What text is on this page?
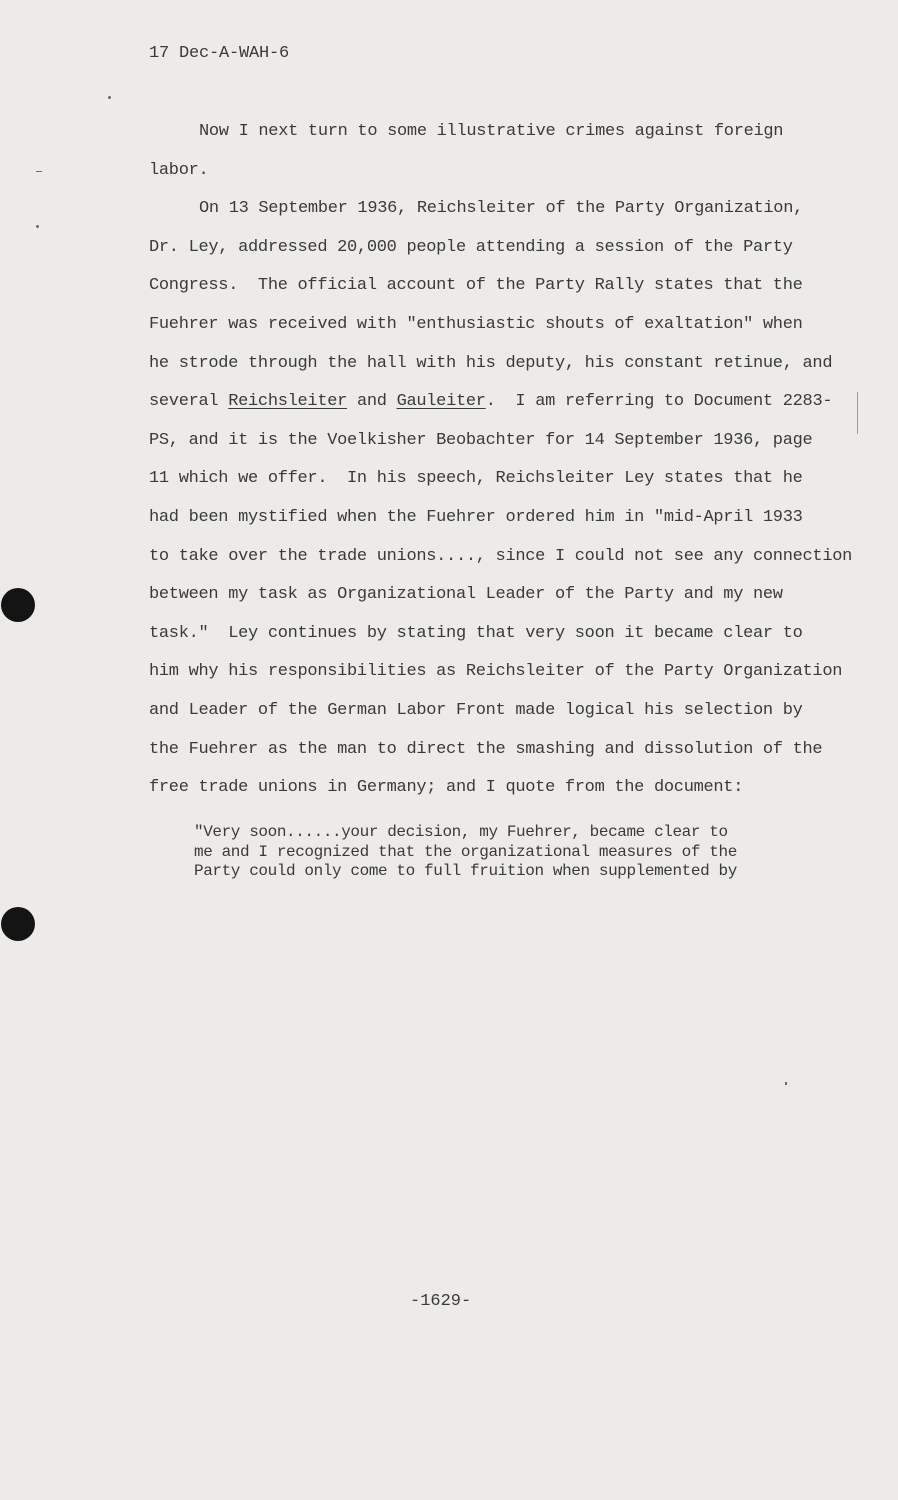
17 Dec-A-WAH-6
Now I next turn to some illustrative crimes against foreign
labor.
On 13 September 1936, Reichsleiter of the Party Organization,
Dr. Ley, addressed 20,000 people attending a session of the Party
Congress.  The official account of the Party Rally states that the
Fuehrer was received with "enthusiastic shouts of exaltation" when
he strode through the hall with his deputy, his constant retinue, and
several Reichsleiter and Gauleiter.  I am referring to Document 2283-
PS, and it is the Voelkisher Beobachter for 14 September 1936, page
11 which we offer.  In his speech, Reichsleiter Ley states that he
had been mystified when the Fuehrer ordered him in "mid-April 1933
to take over the trade unions...., since I could not see any connection
between my task as Organizational Leader of the Party and my new
task."  Ley continues by stating that very soon it became clear to
him why his responsibilities as Reichsleiter of the Party Organization
and Leader of the German Labor Front made logical his selection by
the Fuehrer as the man to direct the smashing and dissolution of the
free trade unions in Germany; and I quote from the document:
"Very soon......your decision, my Fuehrer, became clear to
me and I recognized that the organizational measures of the
Party could only come to full fruition when supplemented by
-1629-
